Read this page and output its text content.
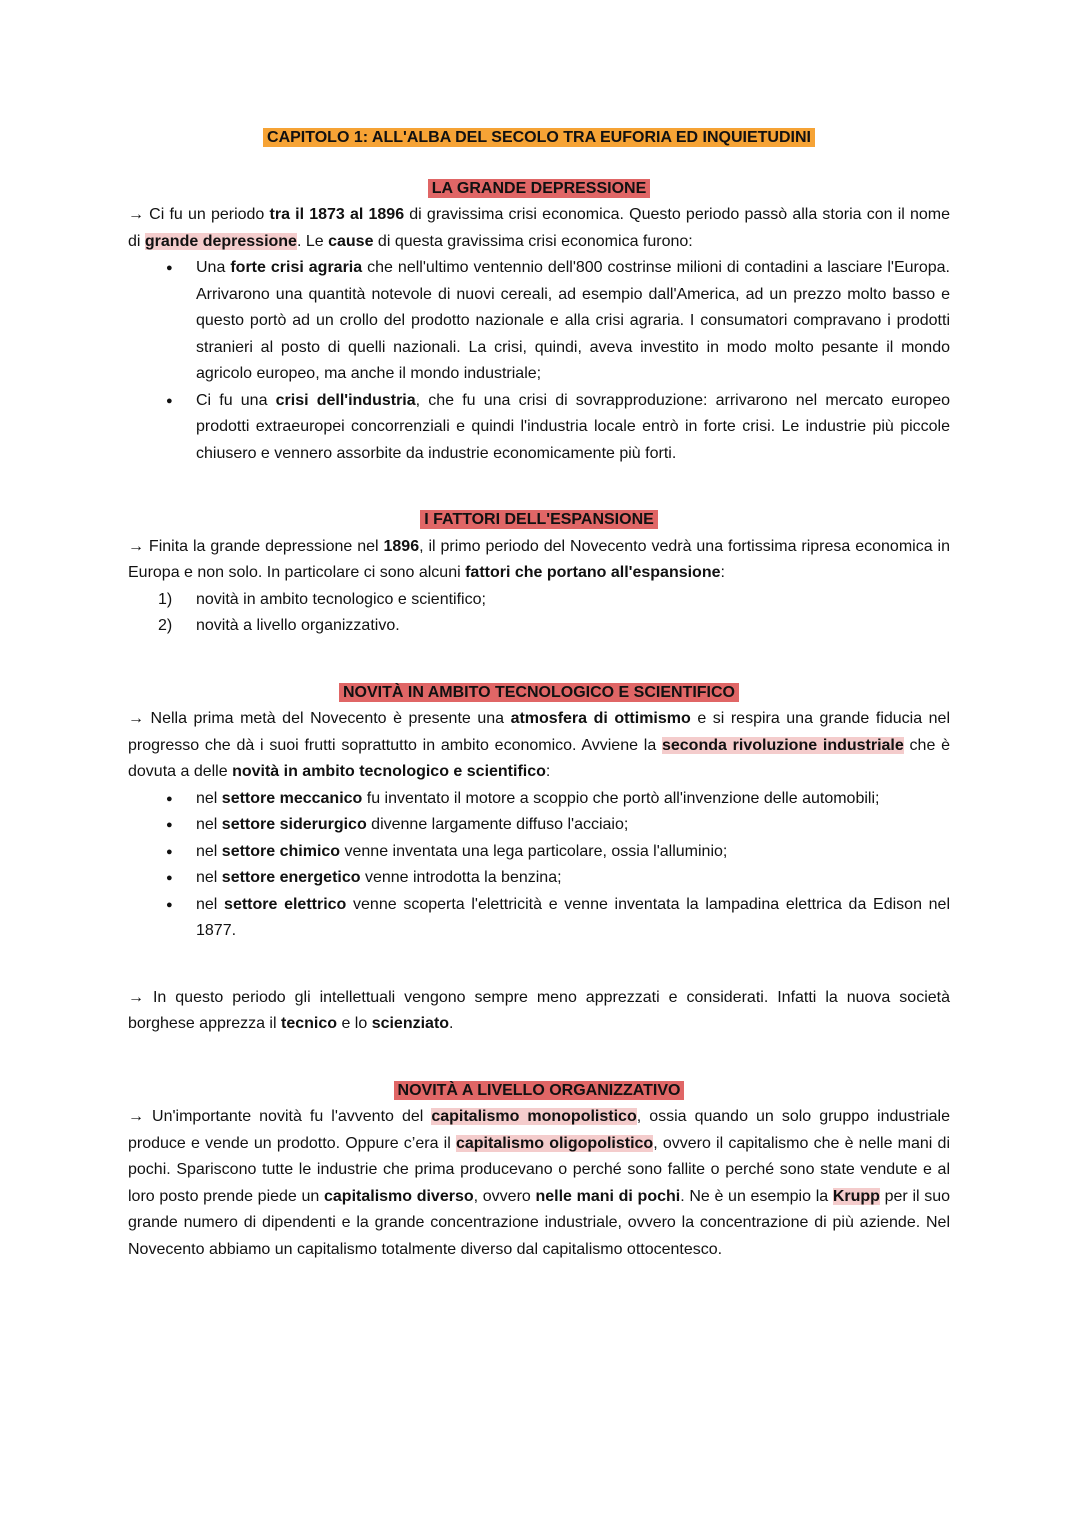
CAPITOLO 1: ALL'ALBA DEL SECOLO TRA EUFORIA ED INQUIETUDINI
LA GRANDE DEPRESSIONE
→ Ci fu un periodo tra il 1873 al 1896 di gravissima crisi economica. Questo periodo passò alla storia con il nome di grande depressione. Le cause di questa gravissima crisi economica furono:
● Una forte crisi agraria che nell'ultimo ventennio dell'800 costrinse milioni di contadini a lasciare l'Europa. Arrivarono una quantità notevole di nuovi cereali, ad esempio dall'America, ad un prezzo molto basso e questo portò ad un crollo del prodotto nazionale e alla crisi agraria. I consumatori compravano i prodotti stranieri al posto di quelli nazionali. La crisi, quindi, aveva investito in modo molto pesante il mondo agricolo europeo, ma anche il mondo industriale;
● Ci fu una crisi dell'industria, che fu una crisi di sovrapproduzione: arrivarono nel mercato europeo prodotti extraeuropei concorrenziali e quindi l'industria locale entrò in forte crisi. Le industrie più piccole chiusero e vennero assorbite da industrie economicamente più forti.
I FATTORI DELL'ESPANSIONE
→ Finita la grande depressione nel 1896, il primo periodo del Novecento vedrà una fortissima ripresa economica in Europa e non solo. In particolare ci sono alcuni fattori che portano all'espansione:
1) novità in ambito tecnologico e scientifico;
2) novità a livello organizzativo.
NOVITÀ IN AMBITO TECNOLOGICO E SCIENTIFICO
→ Nella prima metà del Novecento è presente una atmosfera di ottimismo e si respira una grande fiducia nel progresso che dà i suoi frutti soprattutto in ambito economico. Avviene la seconda rivoluzione industriale che è dovuta a delle novità in ambito tecnologico e scientifico:
● nel settore meccanico fu inventato il motore a scoppio che portò all'invenzione delle automobili;
● nel settore siderurgico divenne largamente diffuso l'acciaio;
● nel settore chimico venne inventata una lega particolare, ossia l'alluminio;
● nel settore energetico venne introdotta la benzina;
● nel settore elettrico venne scoperta l'elettricità e venne inventata la lampadina elettrica da Edison nel 1877.
→ In questo periodo gli intellettuali vengono sempre meno apprezzati e considerati. Infatti la nuova società borghese apprezza il tecnico e lo scienziato.
NOVITÀ A LIVELLO ORGANIZZATIVO
→ Un'importante novità fu l'avvento del capitalismo monopolistico, ossia quando un solo gruppo industriale produce e vende un prodotto. Oppure c’era il capitalismo oligopolistico, ovvero il capitalismo che è nelle mani di pochi. Spariscono tutte le industrie che prima producevano o perché sono fallite o perché sono state vendute e al loro posto prende piede un capitalismo diverso, ovvero nelle mani di pochi. Ne è un esempio la Krupp per il suo grande numero di dipendenti e la grande concentrazione industriale, ovvero la concentrazione di più aziende. Nel Novecento abbiamo un capitalismo totalmente diverso dal capitalismo ottocentesco.
